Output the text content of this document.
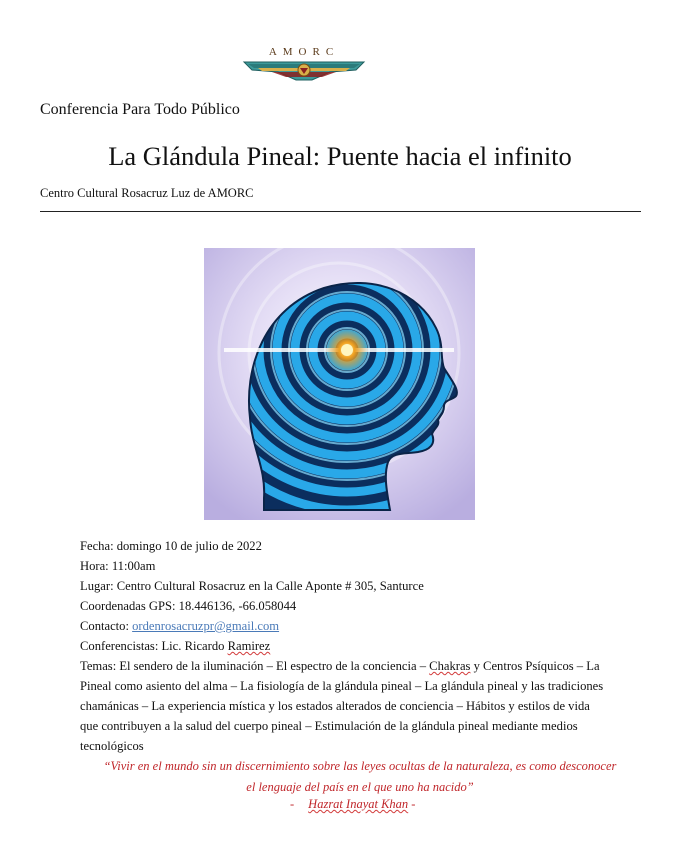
AMORC
Conferencia Para Todo Público
La Glándula Pineal: Puente hacia el infinito
Centro Cultural Rosacruz Luz de AMORC
Fecha: domingo 10 de julio de 2022
Hora: 11:00am
Lugar: Centro Cultural Rosacruz en la Calle Aponte # 305, Santurce
Coordenadas GPS: 18.446136, -66.058044
Contacto: ordenrosacruzpr@gmail.com
Conferencistas: Lic. Ricardo Ramirez
Temas: El sendero de la iluminación – El espectro de la conciencia – Chakras y Centros Psíquicos – La
Pineal como asiento del alma – La fisiología de la glándula pineal – La glándula pineal y las tradiciones
chamánicas – La experiencia mística y los estados alterados de conciencia – Hábitos y estilos de vida
que contribuyen a la salud del cuerpo pineal – Estimulación de la glándula pineal mediante medios
tecnológicos
“Vivir en el mundo sin un discernimiento sobre las leyes ocultas de la naturaleza, es como desconocer
el lenguaje del país en el que uno ha nacido”
- Hazrat Inayat Khan -
